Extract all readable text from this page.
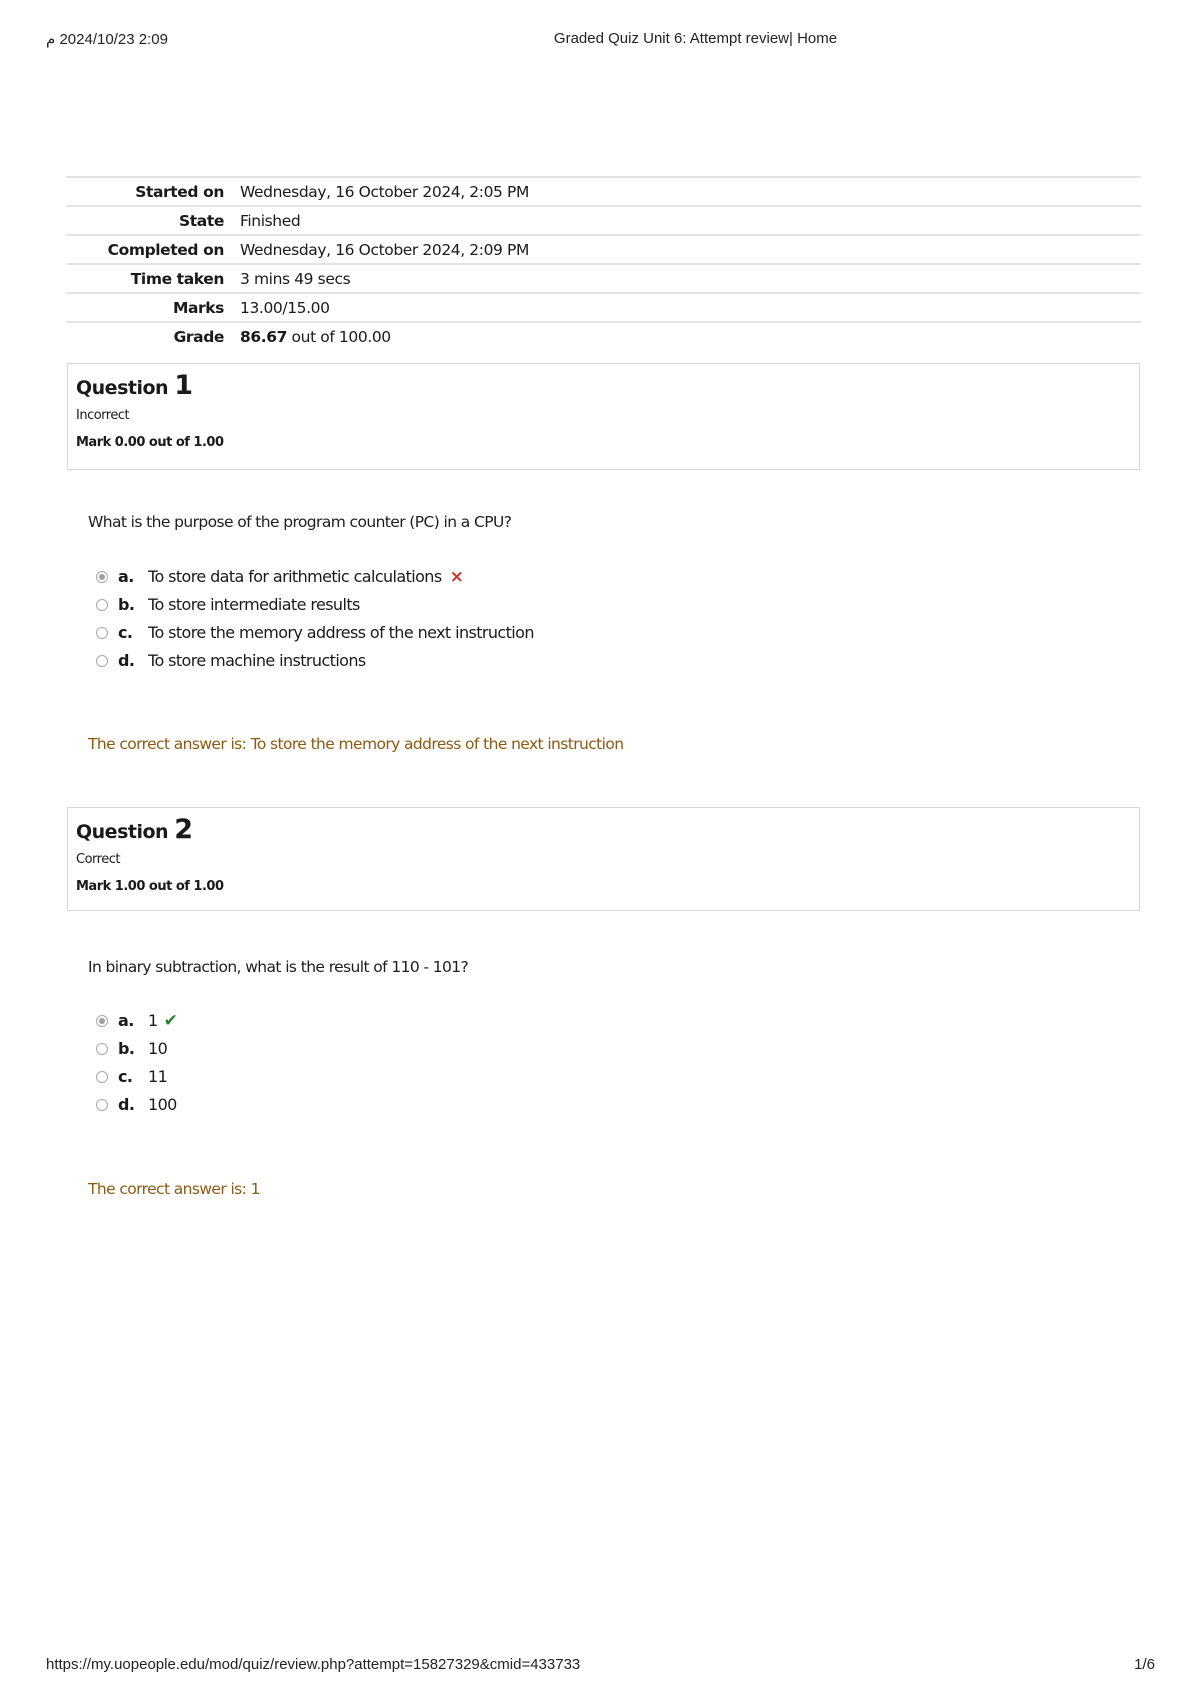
2:09 2024/10/23 م	Graded Quiz Unit 6: Attempt review| Home
Started on	Wednesday, 16 October 2024, 2:05 PM
State	Finished
Completed on	Wednesday, 16 October 2024, 2:09 PM
Time taken	3 mins 49 secs
Marks	13.00/15.00
Grade	86.67 out of 100.00
Question 1
Incorrect
Mark 0.00 out of 1.00
What is the purpose of the program counter (PC) in a CPU?
a. To store data for arithmetic calculations ×
b. To store intermediate results
c. To store the memory address of the next instruction
d. To store machine instructions
The correct answer is: To store the memory address of the next instruction
Question 2
Correct
Mark 1.00 out of 1.00
In binary subtraction, what is the result of 110 - 101?
a. 1 ✔
b. 10
c. 11
d. 100
The correct answer is: 1
https://my.uopeople.edu/mod/quiz/review.php?attempt=15827329&cmid=433733	1/6
